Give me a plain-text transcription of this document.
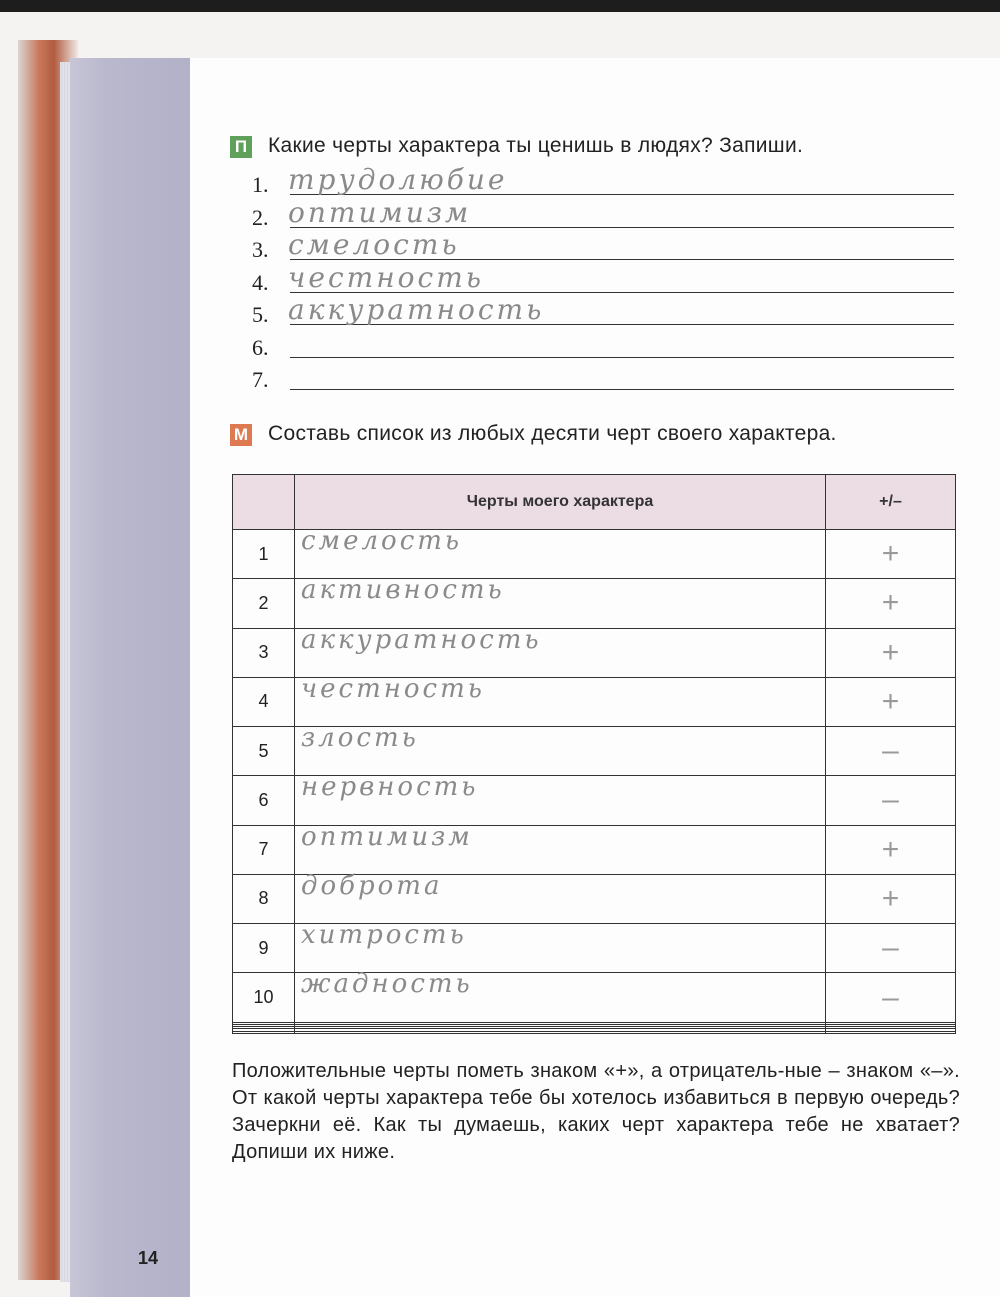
П Какие черты характера ты ценишь в людях? Запиши.
1. трудолюбие
2. оптимизм
3. смелость
4. честность
5. аккуратность
6.
7.
М Составь список из любых десяти черт своего характера.
	Черты моего характера	+/–
1	смелость	+
2	активность	+
3	аккуратность	+
4	честность	+
5	злость	–
6	нервность	–
7	оптимизм	+
8	доброта	+
9	хитрость	–
10	жадность	–

Положительные черты пометь знаком «+», а отрицатель-ные – знаком «–». От какой черты характера тебе бы хотелось избавиться в первую очередь? Зачеркни её. Как ты думаешь, каких черт характера тебе не хватает? Допиши их ниже.
14
